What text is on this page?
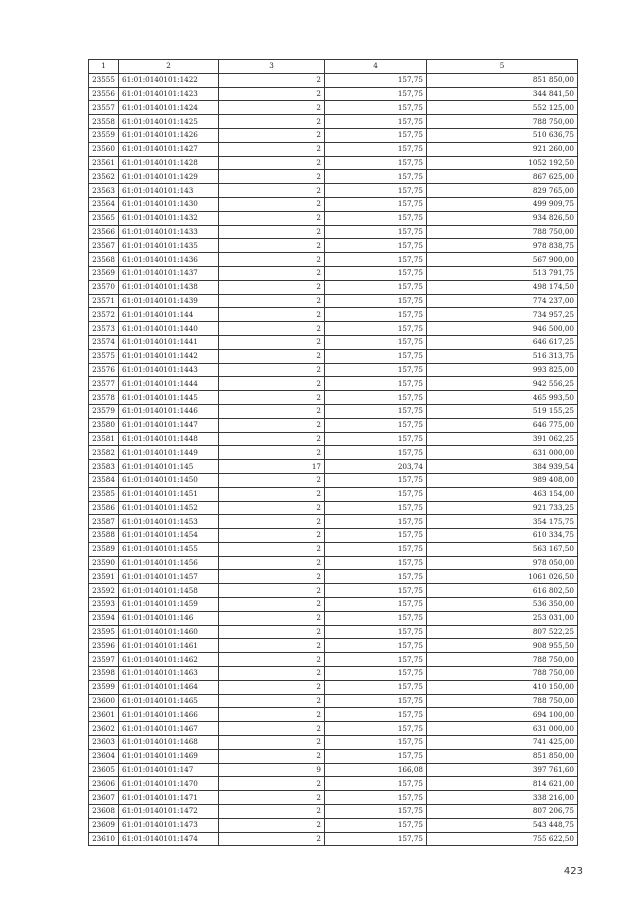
1	2	3	4	5
23555	61:01:0140101:1422	2	157,75	851 850,00
23556	61:01:0140101:1423	2	157,75	344 841,50
23557	61:01:0140101:1424	2	157,75	552 125,00
23558	61:01:0140101:1425	2	157,75	788 750,00
23559	61:01:0140101:1426	2	157,75	510 636,75
23560	61:01:0140101:1427	2	157,75	921 260,00
23561	61:01:0140101:1428	2	157,75	1052 192,50
23562	61:01:0140101:1429	2	157,75	867 625,00
23563	61:01:0140101:143	2	157,75	829 765,00
23564	61:01:0140101:1430	2	157,75	499 909,75
23565	61:01:0140101:1432	2	157,75	934 826,50
23566	61:01:0140101:1433	2	157,75	788 750,00
23567	61:01:0140101:1435	2	157,75	978 838,75
23568	61:01:0140101:1436	2	157,75	567 900,00
23569	61:01:0140101:1437	2	157,75	513 791,75
23570	61:01:0140101:1438	2	157,75	498 174,50
23571	61:01:0140101:1439	2	157,75	774 237,00
23572	61:01:0140101:144	2	157,75	734 957,25
23573	61:01:0140101:1440	2	157,75	946 500,00
23574	61:01:0140101:1441	2	157,75	646 617,25
23575	61:01:0140101:1442	2	157,75	516 313,75
23576	61:01:0140101:1443	2	157,75	993 825,00
23577	61:01:0140101:1444	2	157,75	942 556,25
23578	61:01:0140101:1445	2	157,75	465 993,50
23579	61:01:0140101:1446	2	157,75	519 155,25
23580	61:01:0140101:1447	2	157,75	646 775,00
23581	61:01:0140101:1448	2	157,75	391 062,25
23582	61:01:0140101:1449	2	157,75	631 000,00
23583	61:01:0140101:145	17	203,74	384 939,54
23584	61:01:0140101:1450	2	157,75	989 408,00
23585	61:01:0140101:1451	2	157,75	463 154,00
23586	61:01:0140101:1452	2	157,75	921 733,25
23587	61:01:0140101:1453	2	157,75	354 175,75
23588	61:01:0140101:1454	2	157,75	610 334,75
23589	61:01:0140101:1455	2	157,75	563 167,50
23590	61:01:0140101:1456	2	157,75	978 050,00
23591	61:01:0140101:1457	2	157,75	1061 026,50
23592	61:01:0140101:1458	2	157,75	616 802,50
23593	61:01:0140101:1459	2	157,75	536 350,00
23594	61:01:0140101:146	2	157,75	253 031,00
23595	61:01:0140101:1460	2	157,75	807 522,25
23596	61:01:0140101:1461	2	157,75	908 955,50
23597	61:01:0140101:1462	2	157,75	788 750,00
23598	61:01:0140101:1463	2	157,75	788 750,00
23599	61:01:0140101:1464	2	157,75	410 150,00
23600	61:01:0140101:1465	2	157,75	788 750,00
23601	61:01:0140101:1466	2	157,75	694 100,00
23602	61:01:0140101:1467	2	157,75	631 000,00
23603	61:01:0140101:1468	2	157,75	741 425,00
23604	61:01:0140101:1469	2	157,75	851 850,00
23605	61:01:0140101:147	9	166,08	397 761,60
23606	61:01:0140101:1470	2	157,75	814 621,00
23607	61:01:0140101:1471	2	157,75	338 216,00
23608	61:01:0140101:1472	2	157,75	807 206,75
23609	61:01:0140101:1473	2	157,75	543 448,75
23610	61:01:0140101:1474	2	157,75	755 622,50
423
